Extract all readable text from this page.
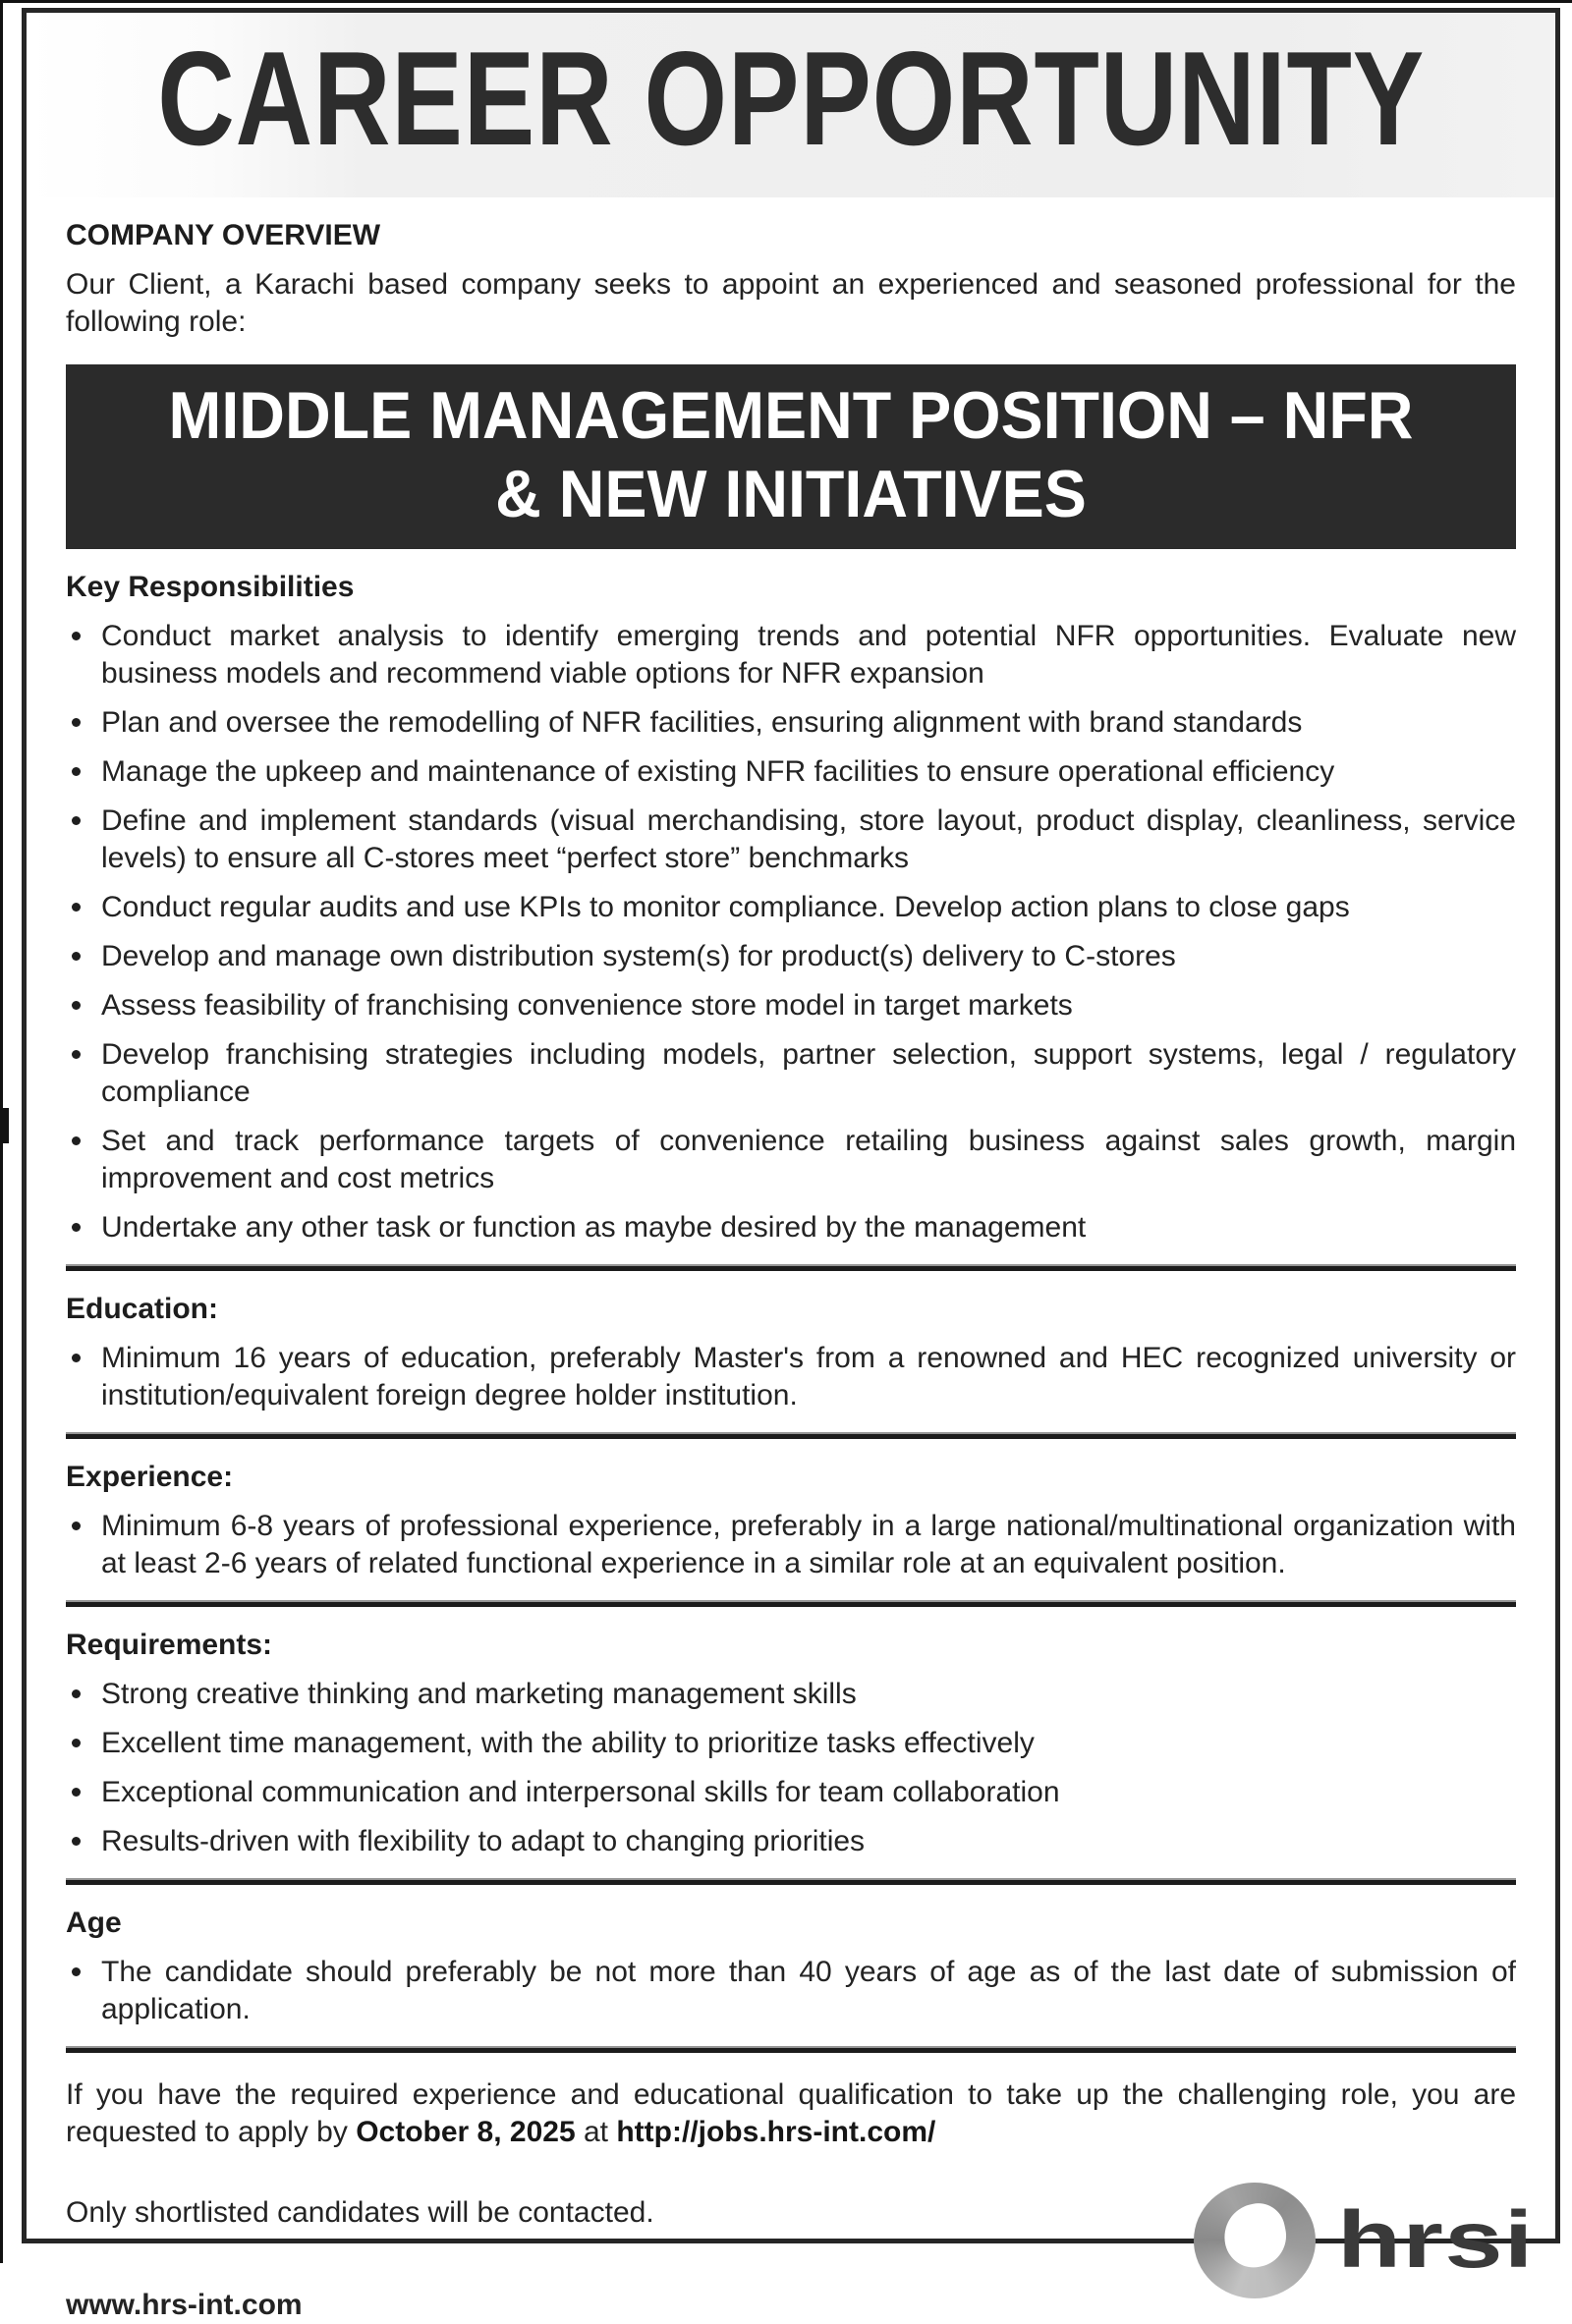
CAREER OPPORTUNITY
COMPANY OVERVIEW

Our Client, a Karachi based company seeks to appoint an experienced and seasoned professional for the following role:

MIDDLE MANAGEMENT POSITION – NFR
& NEW INITIATIVES
Key Responsibilities

Conduct market analysis to identify emerging trends and potential NFR opportunities. Evaluate new business models and recommend viable options for NFR expansion

Plan and oversee the remodelling of NFR facilities, ensuring alignment with brand standards

Manage the upkeep and maintenance of existing NFR facilities to ensure operational efficiency

Define and implement standards (visual merchandising, store layout, product display, cleanliness, service levels) to ensure all C-stores meet “perfect store” benchmarks

Conduct regular audits and use KPIs to monitor compliance. Develop action plans to close gaps

Develop and manage own distribution system(s) for product(s) delivery to C-stores

Assess feasibility of franchising convenience store model in target markets

Develop franchising strategies including models, partner selection, support systems, legal / regulatory compliance

Set and track performance targets of convenience retailing business against sales growth, margin improvement and cost metrics

Undertake any other task or function as maybe desired by the management

Education:

Minimum 16 years of education, preferably Master's from a renowned and HEC recognized university or institution/equivalent foreign degree holder institution.

Experience:

Minimum 6-8 years of professional experience, preferably in a large national/multinational organization with at least 2-6 years of related functional experience in a similar role at an equivalent position.

Requirements:

Strong creative thinking and marketing management skills

Excellent time management, with the ability to prioritize tasks effectively

Exceptional communication and interpersonal skills for team collaboration

Results-driven with flexibility to adapt to changing priorities

Age

The candidate should preferably be not more than 40 years of age as of the last date of submission of application.

If you have the required experience and educational qualification to take up the challenging role, you are requested to apply by October 8, 2025 at http://jobs.hrs-int.com/

Only shortlisted candidates will be contacted.

www.hrs-int.com

hrsi
